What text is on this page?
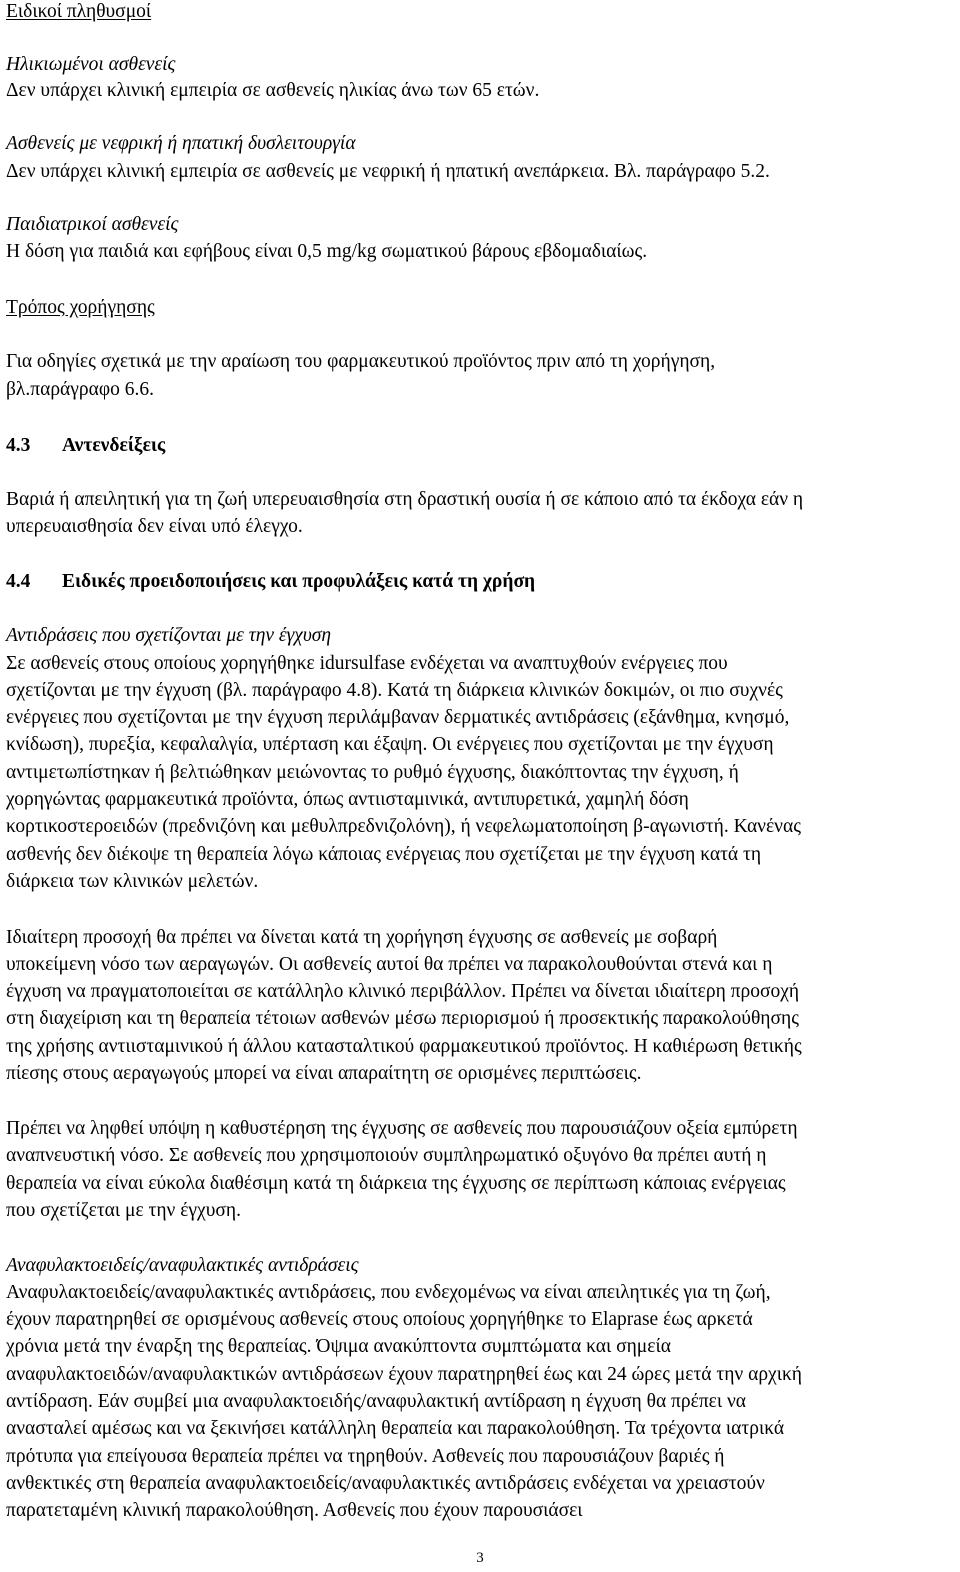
Ειδικοί πληθυσμοί
Ηλικιωμένοι ασθενείς
Δεν υπάρχει κλινική εμπειρία σε ασθενείς ηλικίας άνω των 65 ετών.
Ασθενείς με νεφρική ή ηπατική δυσλειτουργία
Δεν υπάρχει κλινική εμπειρία σε ασθενείς με νεφρική ή ηπατική ανεπάρκεια. Βλ. παράγραφο 5.2.
Παιδιατρικοί ασθενείς
Η δόση για παιδιά και εφήβους είναι 0,5 mg/kg σωματικού βάρους εβδομαδιαίως.
Τρόπος χορήγησης
Για οδηγίες σχετικά με την αραίωση του φαρμακευτικού προϊόντος πριν από τη χορήγηση,
βλ.παράγραφο 6.6.
4.3 Αντενδείξεις
Βαριά ή απειλητική για τη ζωή υπερευαισθησία στη δραστική ουσία ή σε κάποιο από τα έκδοχα εάν η
υπερευαισθησία δεν είναι υπό έλεγχο.
4.4 Ειδικές προειδοποιήσεις και προφυλάξεις κατά τη χρήση
Αντιδράσεις που σχετίζονται με την έγχυση
Σε ασθενείς στους οποίους χορηγήθηκε idursulfase ενδέχεται να αναπτυχθούν ενέργειες που
σχετίζονται με την έγχυση (βλ. παράγραφο 4.8). Κατά τη διάρκεια κλινικών δοκιμών, οι πιο συχνές
ενέργειες που σχετίζονται με την έγχυση περιλάμβαναν δερματικές αντιδράσεις (εξάνθημα, κνησμό,
κνίδωση), πυρεξία, κεφαλαλγία, υπέρταση και έξαψη. Οι ενέργειες που σχετίζονται με την έγχυση
αντιμετωπίστηκαν ή βελτιώθηκαν μειώνοντας το ρυθμό έγχυσης, διακόπτοντας την έγχυση, ή
χορηγώντας φαρμακευτικά προϊόντα, όπως αντιισταμινικά, αντιπυρετικά, χαμηλή δόση
κορτικοστεροειδών (πρεδνιζόνη και μεθυλπρεδνιζολόνη), ή νεφελωματοποίηση β-αγωνιστή. Κανένας
ασθενής δεν διέκοψε τη θεραπεία λόγω κάποιας ενέργειας που σχετίζεται με την έγχυση κατά τη
διάρκεια των κλινικών μελετών.
Ιδιαίτερη προσοχή θα πρέπει να δίνεται κατά τη χορήγηση έγχυσης σε ασθενείς με σοβαρή
υποκείμενη νόσο των αεραγωγών. Οι ασθενείς αυτοί θα πρέπει να παρακολουθούνται στενά και η
έγχυση να πραγματοποιείται σε κατάλληλο κλινικό περιβάλλον. Πρέπει να δίνεται ιδιαίτερη προσοχή
στη διαχείριση και τη θεραπεία τέτοιων ασθενών μέσω περιορισμού ή προσεκτικής παρακολούθησης
της χρήσης αντιισταμινικού ή άλλου κατασταλτικού φαρμακευτικού προϊόντος. Η καθιέρωση θετικής
πίεσης στους αεραγωγούς μπορεί να είναι απαραίτητη σε ορισμένες περιπτώσεις.
Πρέπει να ληφθεί υπόψη η καθυστέρηση της έγχυσης σε ασθενείς που παρουσιάζουν οξεία εμπύρετη
αναπνευστική νόσο. Σε ασθενείς που χρησιμοποιούν συμπληρωματικό οξυγόνο θα πρέπει αυτή η
θεραπεία να είναι εύκολα διαθέσιμη κατά τη διάρκεια της έγχυσης σε περίπτωση κάποιας ενέργειας
που σχετίζεται με την έγχυση.
Αναφυλακτοειδείς/αναφυλακτικές αντιδράσεις
Αναφυλακτοειδείς/αναφυλακτικές αντιδράσεις, που ενδεχομένως να είναι απειλητικές για τη ζωή,
έχουν παρατηρηθεί σε ορισμένους ασθενείς στους οποίους χορηγήθηκε το Elaprase έως αρκετά
χρόνια μετά την έναρξη της θεραπείας. Όψιμα ανακύπτοντα συμπτώματα και σημεία
αναφυλακτοειδών/αναφυλακτικών αντιδράσεων έχουν παρατηρηθεί έως και 24 ώρες μετά την αρχική
αντίδραση. Εάν συμβεί μια αναφυλακτοειδής/αναφυλακτική αντίδραση η έγχυση θα πρέπει να
ανασταλεί αμέσως και να ξεκινήσει κατάλληλη θεραπεία και παρακολούθηση. Τα τρέχοντα ιατρικά
πρότυπα για επείγουσα θεραπεία πρέπει να τηρηθούν. Ασθενείς που παρουσιάζουν βαριές ή
ανθεκτικές στη θεραπεία αναφυλακτοειδείς/αναφυλακτικές αντιδράσεις ενδέχεται να χρειαστούν
παρατεταμένη κλινική παρακολούθηση. Ασθενείς που έχουν παρουσιάσει
3
